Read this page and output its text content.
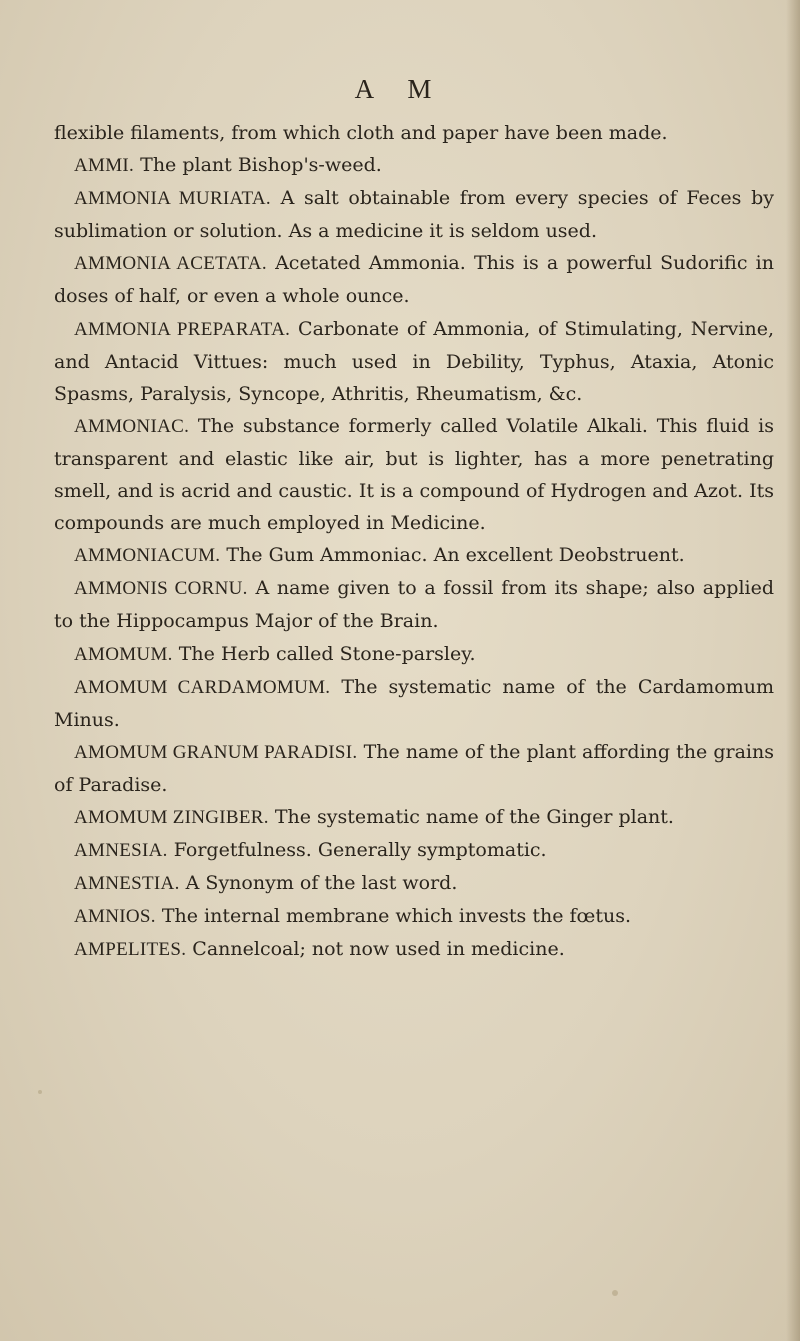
A M

flexible filaments, from which cloth and paper have been made.

AMMI. The plant Bishop's-weed.

AMMONIA MURIATA. A salt obtainable from every species of Feces by sublimation or solution. As a medicine it is seldom used.

AMMONIA ACETATA. Acetated Ammonia. This is a powerful Sudorific in doses of half, or even a whole ounce.

AMMONIA PREPARATA. Carbonate of Ammonia, of Stimulating, Nervine, and Antacid Vittues: much used in Debility, Typhus, Ataxia, Atonic Spasms, Paralysis, Syncope, Athritis, Rheumatism, &c.

AMMONIAC. The substance formerly called Volatile Alkali. This fluid is transparent and elastic like air, but is lighter, has a more penetrating smell, and is acrid and caustic. It is a compound of Hydrogen and Azot. Its compounds are much employed in Medicine.

AMMONIACUM. The Gum Ammoniac. An excellent Deobstruent.

AMMONIS CORNU. A name given to a fossil from its shape; also applied to the Hippocampus Major of the Brain.

AMOMUM. The Herb called Stone-parsley.

AMOMUM CARDAMOMUM. The systematic name of the Cardamomum Minus.

AMOMUM GRANUM PARADISI. The name of the plant affording the grains of Paradise.

AMOMUM ZINGIBER. The systematic name of the Ginger plant.

AMNESIA. Forgetfulness. Generally symptomatic.

AMNESTIA. A Synonym of the last word.

AMNIOS. The internal membrane which invests the fœtus.

AMPELITES. Cannelcoal; not now used in medicine.
